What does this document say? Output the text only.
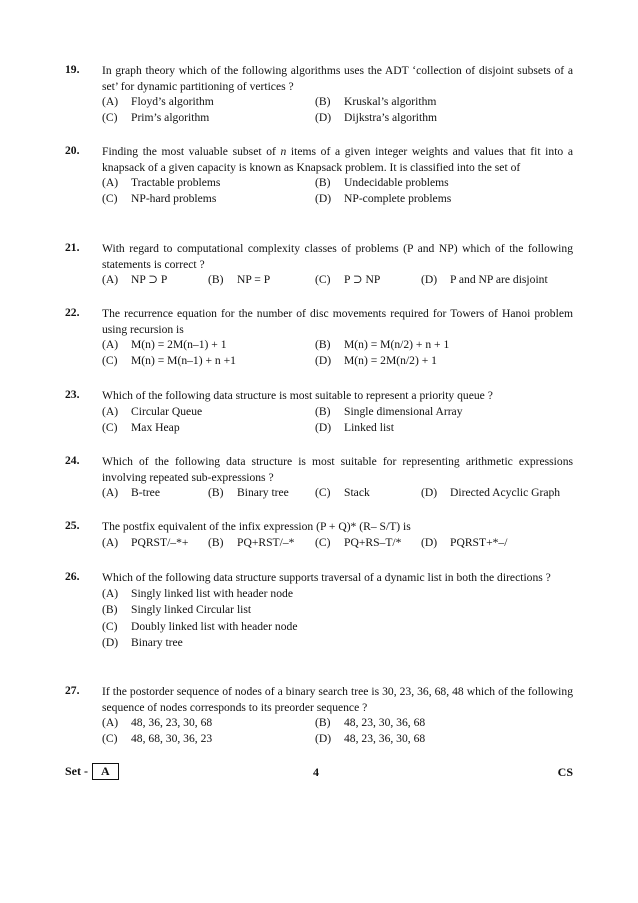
19. In graph theory which of the following algorithms uses the ADT ‘collection of disjoint subsets of a set’ for dynamic partitioning of vertices ?
(A) Floyd’s algorithm	(B) Kruskal’s algorithm
(C) Prim’s algorithm	(D) Dijkstra’s algorithm
20. Finding the most valuable subset of n items of a given integer weights and values that fit into a knapsack of a given capacity is known as Knapsack problem. It is classified into the set of
(A) Tractable problems	(B) Undecidable problems
(C) NP-hard problems	(D) NP-complete problems
21. With regard to computational complexity classes of problems (P and NP) which of the following statements is correct ?
(A) NP ⊃ P	(B) NP = P	(C) P ⊃ NP	(D) P and NP are disjoint
22. The recurrence equation for the number of disc movements required for Towers of Hanoi problem using recursion is
(A) M(n) = 2M(n–1) + 1	(B) M(n) = M(n/2) + n + 1
(C) M(n) = M(n–1) + n +1	(D) M(n) = 2M(n/2) + 1
23. Which of the following data structure is most suitable to represent a priority queue ?
(A) Circular Queue	(B) Single dimensional Array
(C) Max Heap	(D) Linked list
24. Which of the following data structure is most suitable for representing arithmetic expressions involving repeated sub-expressions ?
(A) B-tree	(B) Binary tree (C) Stack	(D) Directed Acyclic Graph
25. The postfix equivalent of the infix expression (P + Q)* (R– S/T) is
(A) PQRST/–*+ (B) PQ+RST/–* (C) PQ+RS–T/* (D) PQRST+*–/
26. Which of the following data structure supports traversal of a dynamic list in both the directions ?
(A) Singly linked list with header node
(B) Singly linked Circular list
(C) Doubly linked list with header node
(D) Binary tree
27. If the postorder sequence of nodes of a binary search tree is 30, 23, 36, 68, 48 which of the following sequence of nodes corresponds to its preorder sequence ?
(A) 48, 36, 23, 30, 68	(B) 48, 23, 30, 36, 68
(C) 48, 68, 30, 36, 23	(D) 48, 23, 36, 30, 68
Set - A	4	CS
